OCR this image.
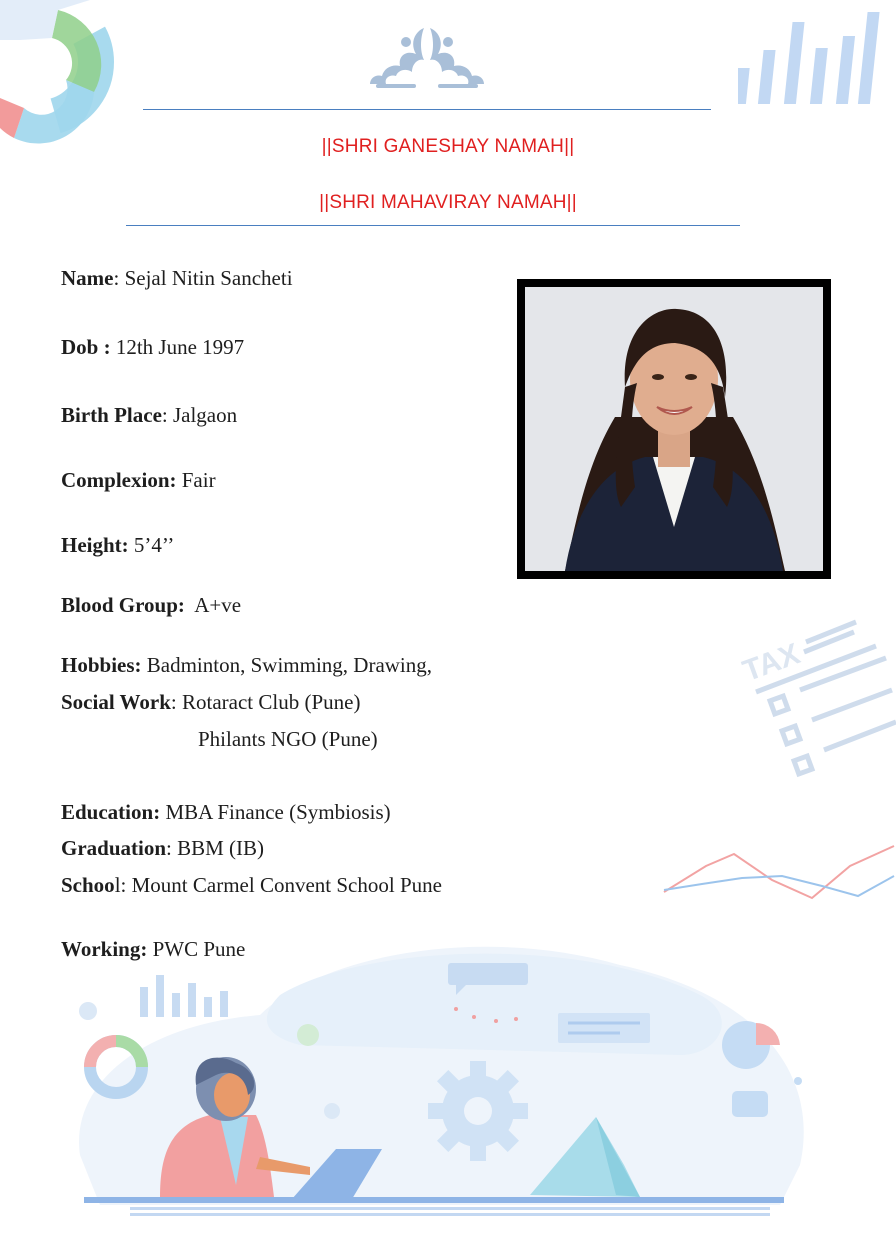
||SHRI GANESHAY NAMAH||
||SHRI MAHAVIRAY NAMAH||
Name: Sejal Nitin Sancheti
Dob : 12th June 1997
Birth Place: Jalgaon
Complexion: Fair
Height: 5’4’’
Blood Group: A+ve
Hobbies: Badminton, Swimming, Drawing,
Social Work: Rotaract Club (Pune)
Philants NGO (Pune)
Education: MBA Finance (Symbiosis)
Graduation: BBM (IB)
School: Mount Carmel Convent School Pune
Working: PWC Pune
TAX
